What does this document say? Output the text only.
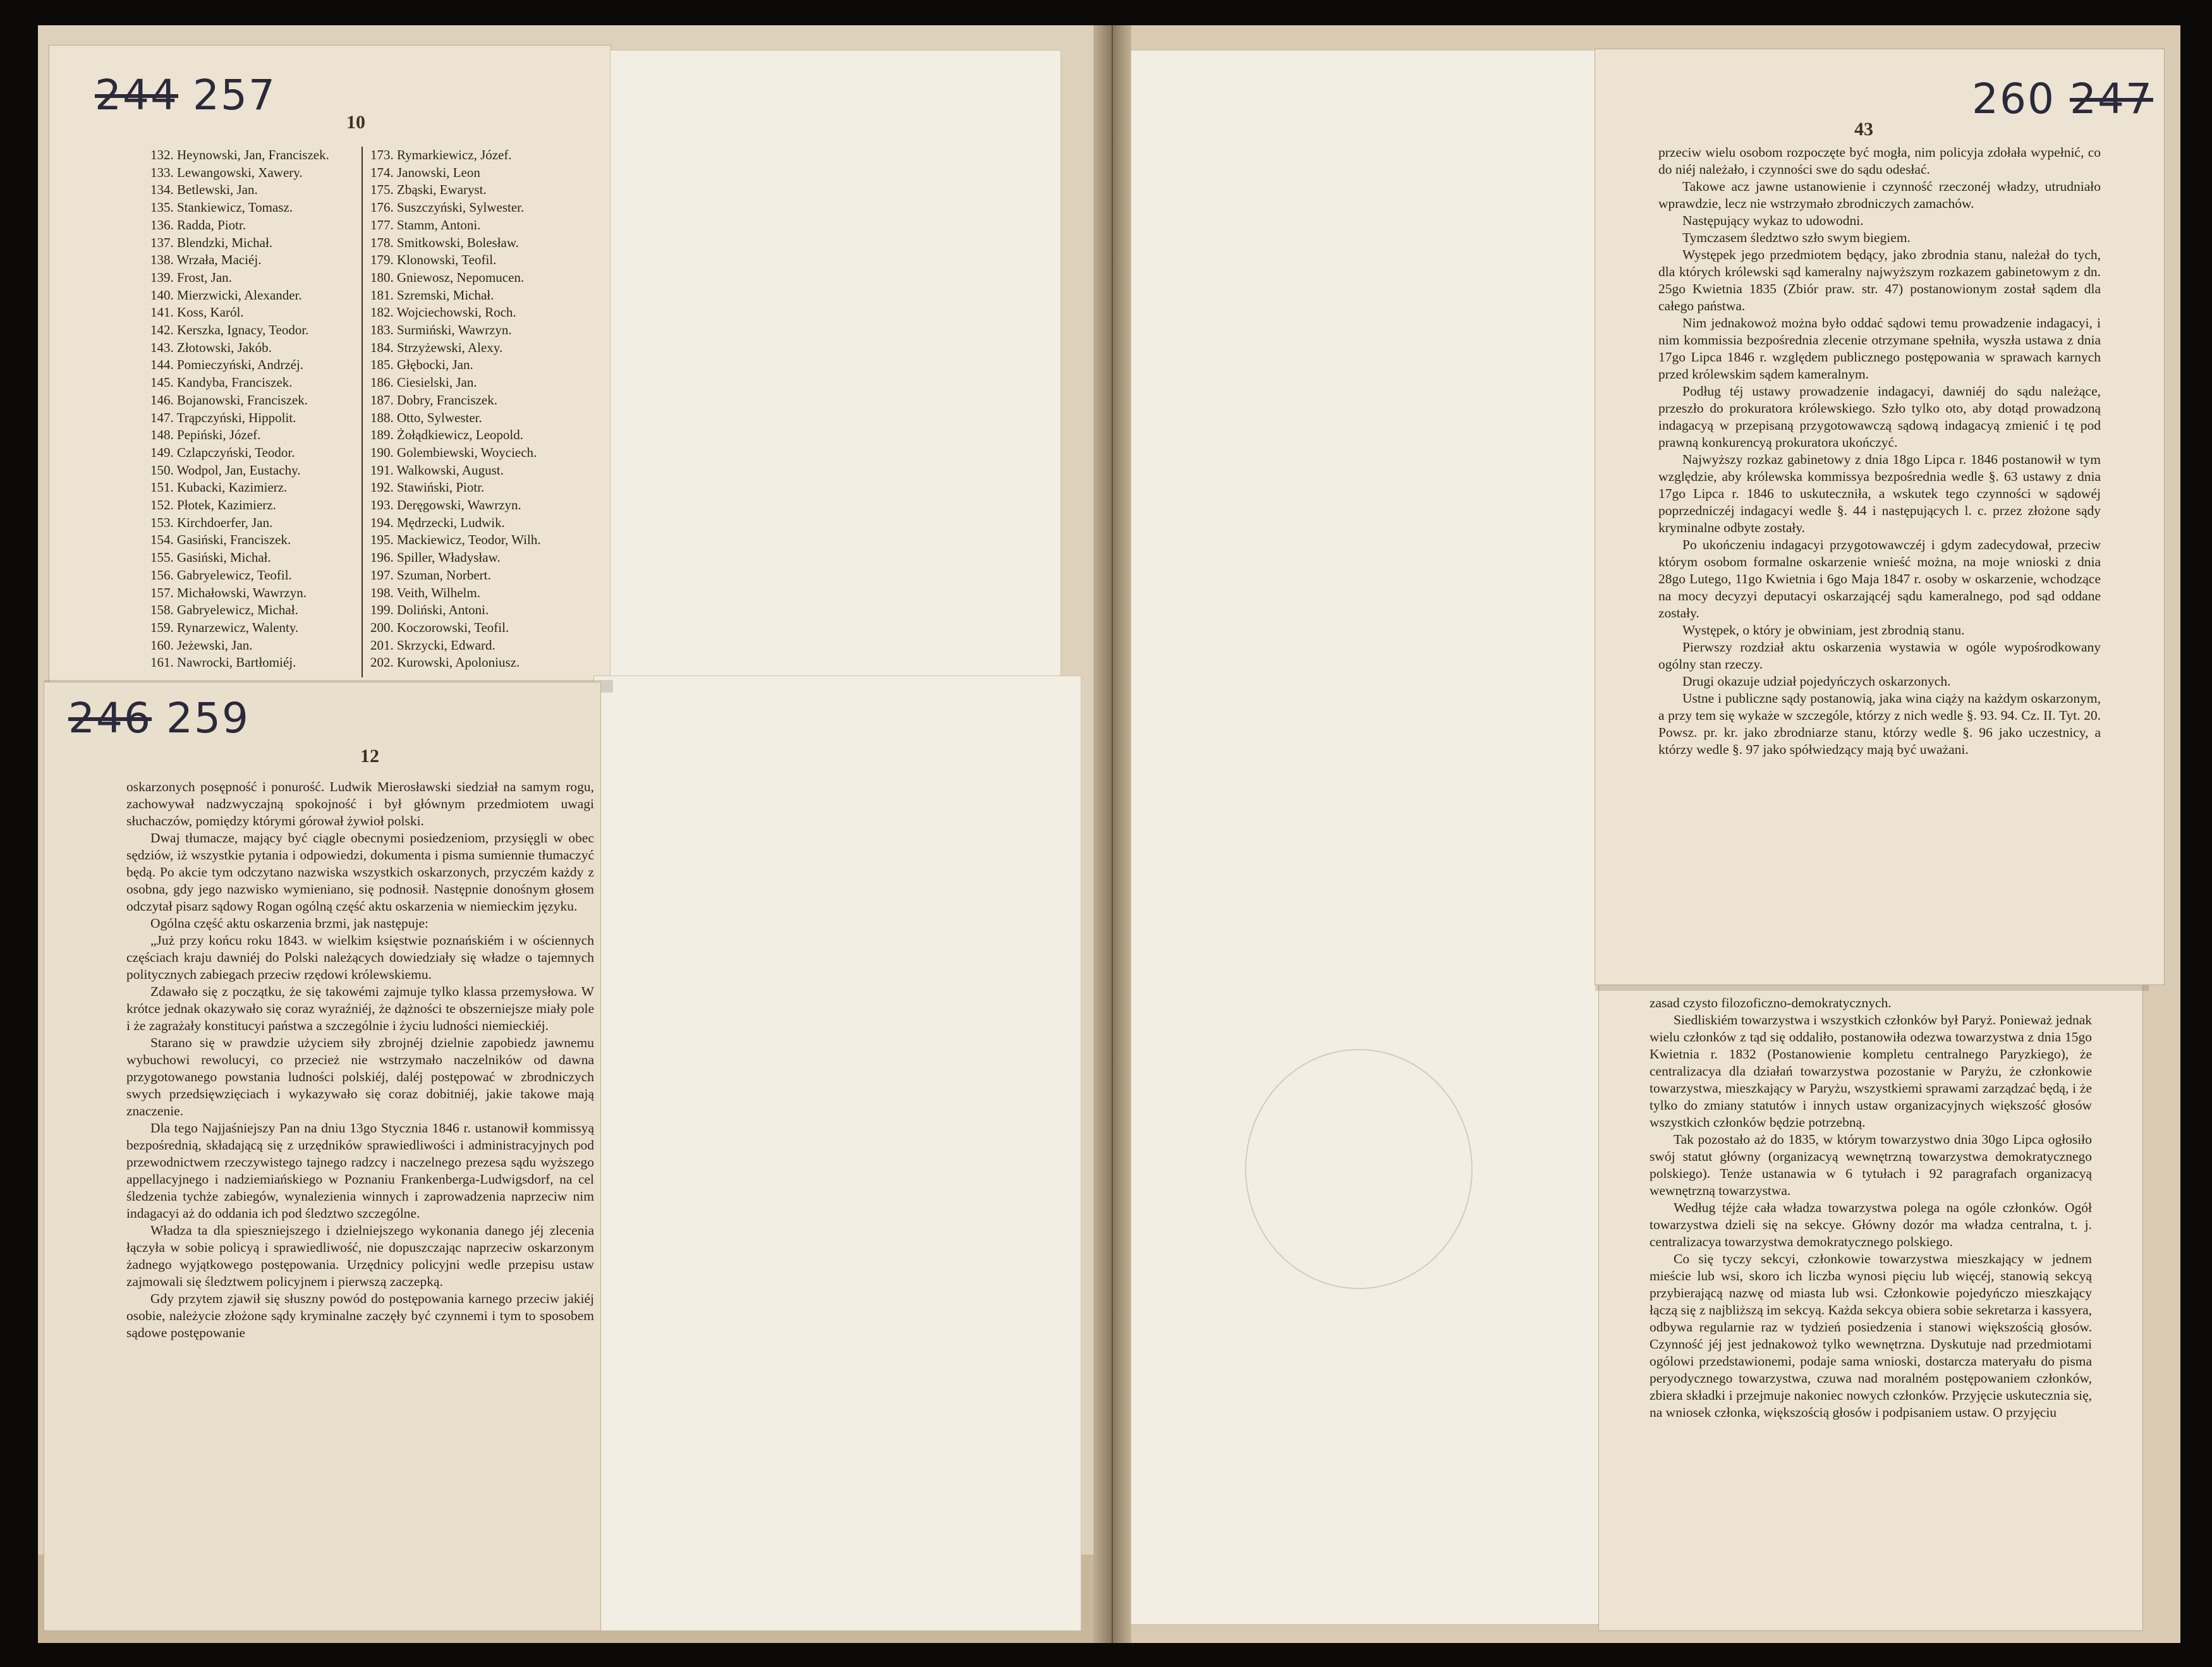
244 257
10
132. Heynowski, Jan, Franciszek.
133. Lewangowski, Xawery.
134. Betlewski, Jan.
135. Stankiewicz, Tomasz.
136. Radda, Piotr.
137. Blendzki, Michał.
138. Wrzała, Maciéj.
139. Frost, Jan.
140. Mierzwicki, Alexander.
141. Koss, Karól.
142. Kerszka, Ignacy, Teodor.
143. Złotowski, Jakób.
144. Pomieczyński, Andrzéj.
145. Kandyba, Franciszek.
146. Bojanowski, Franciszek.
147. Trąpczyński, Hippolit.
148. Pepiński, Józef.
149. Czlapczyński, Teodor.
150. Wodpol, Jan, Eustachy.
151. Kubacki, Kazimierz.
152. Płotek, Kazimierz.
153. Kirchdoerfer, Jan.
154. Gasiński, Franciszek.
155. Gasiński, Michał.
156. Gabryelewicz, Teofil.
157. Michałowski, Wawrzyn.
158. Gabryelewicz, Michał.
159. Rynarzewicz, Walenty.
160. Jeżewski, Jan.
161. Nawrocki, Bartłomiéj.
173. Rymarkiewicz, Józef.
174. Janowski, Leon
175. Zbąski, Ewaryst.
176. Suszczyński, Sylwester.
177. Stamm, Antoni.
178. Smitkowski, Bolesław.
179. Klonowski, Teofil.
180. Gniewosz, Nepomucen.
181. Szremski, Michał.
182. Wojciechowski, Roch.
183. Surmiński, Wawrzyn.
184. Strzyżewski, Alexy.
185. Głębocki, Jan.
186. Ciesielski, Jan.
187. Dobry, Franciszek.
188. Otto, Sylwester.
189. Żołądkiewicz, Leopold.
190. Golembiewski, Woyciech.
191. Walkowski, August.
192. Stawiński, Piotr.
193. Deręgowski, Wawrzyn.
194. Mędrzecki, Ludwik.
195. Mackiewicz, Teodor, Wilh.
196. Spiller, Władysław.
197. Szuman, Norbert.
198. Veith, Wilhelm.
199. Doliński, Antoni.
200. Koczorowski, Teofil.
201. Skrzycki, Edward.
202. Kurowski, Apoloniusz.
246 259
12

oskarzonych posępność i ponurość. Ludwik Mierosławski siedział na samym rogu, zachowywał nadzwyczajną spokojność i był głównym przedmiotem uwagi słuchaczów, pomiędzy którymi górował żywioł polski.

Dwaj tłumacze, mający być ciągle obecnymi posiedzeniom, przysięgli w obec sędziów, iż wszystkie pytania i odpowiedzi, dokumenta i pisma sumiennie tłumaczyć będą. Po akcie tym odczytano nazwiska wszystkich oskarzonych, przyczém każdy z osobna, gdy jego nazwisko wymieniano, się podnosił. Następnie donośnym głosem odczytał pisarz sądowy Rogan ogólną część aktu oskarzenia w niemieckim języku.

Ogólna część aktu oskarzenia brzmi, jak następuje:

„Już przy końcu roku 1843. w wielkim księstwie poznańskiém i w ościennych częściach kraju dawniéj do Polski należących dowiedziały się władze o tajemnych politycznych zabiegach przeciw rzędowi królewskiemu.

Zdawało się z początku, że się takowémi zajmuje tylko klassa przemysłowa. W krótce jednak okazywało się coraz wyraźniéj, że dążności te obszerniejsze miały pole i że zagrażały konstitucyi państwa a szczególnie i życiu ludności niemieckiéj.

Starano się w prawdzie użyciem siły zbrojnéj dzielnie zapobiedz jawnemu wybuchowi rewolucyi, co przecież nie wstrzymało naczelników od dawna przygotowanego powstania ludności polskiéj, daléj postępować w zbrodniczych swych przedsięwzięciach i wykazywało się coraz dobitniéj, jakie takowe mają znaczenie.

Dla tego Najjaśniejszy Pan na dniu 13go Stycznia 1846 r. ustanowił kommissyą bezpośrednią, składającą się z urzędników sprawiedliwości i administracyjnych pod przewodnictwem rzeczywistego tajnego radzcy i naczelnego prezesa sądu wyższego appellacyjnego i nadziemiańskiego w Poznaniu Frankenberga-Ludwigsdorf, na cel śledzenia tychże zabiegów, wynalezienia winnych i zaprowadzenia naprzeciw nim indagacyi aż do oddania ich pod śledztwo szczególne.

Władza ta dla spieszniejszego i dzielniejszego wykonania danego jéj zlecenia łączyła w sobie policyą i sprawiedliwość, nie dopuszczając naprzeciw oskarzonym żadnego wyjątkowego postępowania. Urzędnicy policyjni wedle przepisu ustaw zajmowali się śledztwem policyjnem i pierwszą zaczepką.

Gdy przytem zjawił się słuszny powód do postępowania karnego przeciw jakiéj osobie, należycie złożone sądy kryminalne zaczęły być czynnemi i tym to sposobem sądowe postępowanie

zasad czysto filozoficzno-demokratycznych.

Siedliskiém towarzystwa i wszystkich członków był Paryż. Ponieważ jednak wielu członków z tąd się oddaliło, postanowiła odezwa towarzystwa z dnia 15go Kwietnia r. 1832 (Postanowienie kompletu centralnego Paryzkiego), że centralizacya dla działań towarzystwa pozostanie w Paryżu, że członkowie towarzystwa, mieszkający w Paryżu, wszystkiemi sprawami zarządzać będą, i że tylko do zmiany statutów i innych ustaw organizacyjnych większość głosów wszystkich członków będzie potrzebną.

Tak pozostało aż do 1835, w którym towarzystwo dnia 30go Lipca ogłosiło swój statut główny (organizacyą wewnętrzną towarzystwa demokratycznego polskiego). Tenże ustanawia w 6 tytułach i 92 paragrafach organizacyą wewnętrzną towarzystwa.

Według téjże cała władza towarzystwa polega na ogóle członków. Ogół towarzystwa dzieli się na sekcye. Główny dozór ma władza centralna, t. j. centralizacya towarzystwa demokratycznego polskiego.

Co się tyczy sekcyi, członkowie towarzystwa mieszkający w jednem mieście lub wsi, skoro ich liczba wynosi pięciu lub więcéj, stanowią sekcyą przybierającą nazwę od miasta lub wsi. Członkowie pojedyńczo mieszkający łączą się z najbliższą im sekcyą. Każda sekcya obiera sobie sekretarza i kassyera, odbywa regularnie raz w tydzień posiedzenia i stanowi większością głosów. Czynność jéj jest jednakowoż tylko wewnętrzna. Dyskutuje nad przedmiotami ogólowi przedstawionemi, podaje sama wnioski, dostarcza materyału do pisma peryodycznego towarzystwa, czuwa nad moralném postępowaniem członków, zbiera składki i przejmuje nakoniec nowych członków. Przyjęcie uskutecznia się, na wniosek członka, większością głosów i podpisaniem ustaw. O przyjęciu

260 247
43

przeciw wielu osobom rozpoczęte być mogła, nim policyja zdołała wypełnić, co do niéj należało, i czynności swe do sądu odesłać.

Takowe acz jawne ustanowienie i czynność rzeczonéj władzy, utrudniało wprawdzie, lecz nie wstrzymało zbrodniczych zamachów.

Następujący wykaz to udowodni.

Tymczasem śledztwo szło swym biegiem.

Występek jego przedmiotem będący, jako zbrodnia stanu, należał do tych, dla których królewski sąd kameralny najwyższym rozkazem gabinetowym z dn. 25go Kwietnia 1835 (Zbiór praw. str. 47) postanowionym został sądem dla całego państwa.

Nim jednakowoż można było oddać sądowi temu prowadzenie indagacyi, i nim kommissia bezpośrednia zlecenie otrzymane spełniła, wyszła ustawa z dnia 17go Lipca 1846 r. względem publicznego postępowania w sprawach karnych przed królewskim sądem kameralnym.

Podług téj ustawy prowadzenie indagacyi, dawniéj do sądu należące, przeszło do prokuratora królewskiego. Szło tylko oto, aby dotąd prowadzoną indagacyą w przepisaną przygotowawczą sądową indagacyą zmienić i tę pod prawną konkurencyą prokuratora ukończyć.

Najwyższy rozkaz gabinetowy z dnia 18go Lipca r. 1846 postanowił w tym względzie, aby królewska kommissya bezpośrednia wedle §. 63 ustawy z dnia 17go Lipca r. 1846 to uskuteczniła, a wskutek tego czynności w sądowéj poprzedniczéj indagacyi wedle §. 44 i następujących l. c. przez złożone sądy kryminalne odbyte zostały.

Po ukończeniu indagacyi przygotowawczéj i gdym zadecydował, przeciw którym osobom formalne oskarzenie wnieść można, na moje wnioski z dnia 28go Lutego, 11go Kwietnia i 6go Maja 1847 r. osoby w oskarzenie, wchodzące na mocy decyzyi deputacyi oskarzającéj sądu kameralnego, pod sąd oddane zostały.

Występek, o który je obwiniam, jest zbrodnią stanu.

Pierwszy rozdział aktu oskarzenia wystawia w ogóle wypośrodkowany ogólny stan rzeczy.

Drugi okazuje udział pojedyńczych oskarzonych.

Ustne i publiczne sądy postanowią, jaka wina ciąży na każdym oskarzonym, a przy tem się wykaże w szczególe, którzy z nich wedle §. 93. 94. Cz. II. Tyt. 20. Powsz. pr. kr. jako zbrodniarze stanu, którzy wedle §. 96 jako uczestnicy, a którzy wedle §. 97 jako spółwiedzący mają być uważani.
